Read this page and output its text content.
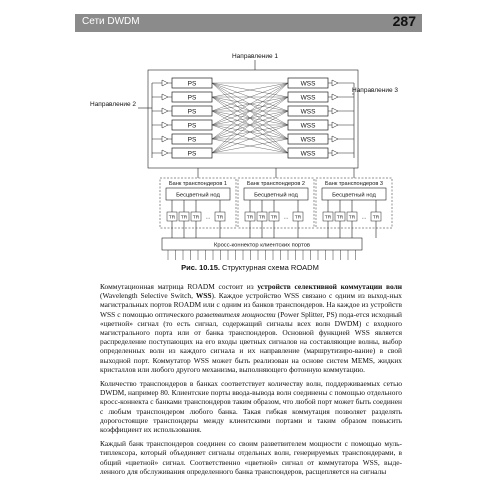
Сети DWDM	287
Направление 1
Направление 2
Направление 3
PS	WSS
PS	WSS
PS	WSS
PS	WSS
PS	WSS
PS	WSS
Банк транспондеров 1
Бесцветный нод
TR TR TR	TR
...
Банк транспондеров 2
Бесцветный нод
TR TR TR	TR
...
Банк транспондеров 3
Бесцветный нод
TR TR TR	TR
...
Кросс-коннектор клиентских портов
Рис. 10.15. Структурная схема ROADM

Коммутационная матрица ROADM состоит из устройств селективной коммутации волн (Wavelength Selective Switch, WSS). Каждое устройство WSS связано с одним из выход-ных магистральных портов ROADM или с одним из банков транспондеров. На каждое из устройств WSS с помощью оптического разветвителя мощности (Power Splitter, PS) пода-ется исходный «цветной» сигнал (то есть сигнал, содержащий сигналы всех волн DWDM) с входного магистрального порта или от банка транспондеров. Основной функцией WSS является распределение поступающих на его входы цветных сигналов на составляющие волны, выбор определенных волн из каждого сигнала и их направление (маршрутизиро-вание) в свой выходной порт. Коммутатор WSS может быть реализован на основе систем MEMS, жидких кристаллов или любого другого механизма, выполняющего фотонную коммутацию.

Количество транспондеров в банках соответствует количеству волн, поддерживаемых сетью DWDM, например 80. Клиентские порты ввода-вывода волн соединены с помощью отдельного кросс-коннекта с банками транспондеров таким образом, что любой порт может быть соединен с любым транспондером любого банка. Такая гибкая коммутация позволяет разделять дорогостоящие транспондеры между клиентскими портами и таким образом повысить коэффициент их использования.

Каждый банк транспондеров соединен со своим разветвителем мощности с помощью муль-типлексора, который объединяет сигналы отдельных волн, генерируемых транспондерами, в общий «цветной» сигнал. Соответственно «цветной» сигнал от коммутатора WSS, выде-ленного для обслуживания определенного банка транспондеров, расщепляется на сигналы
